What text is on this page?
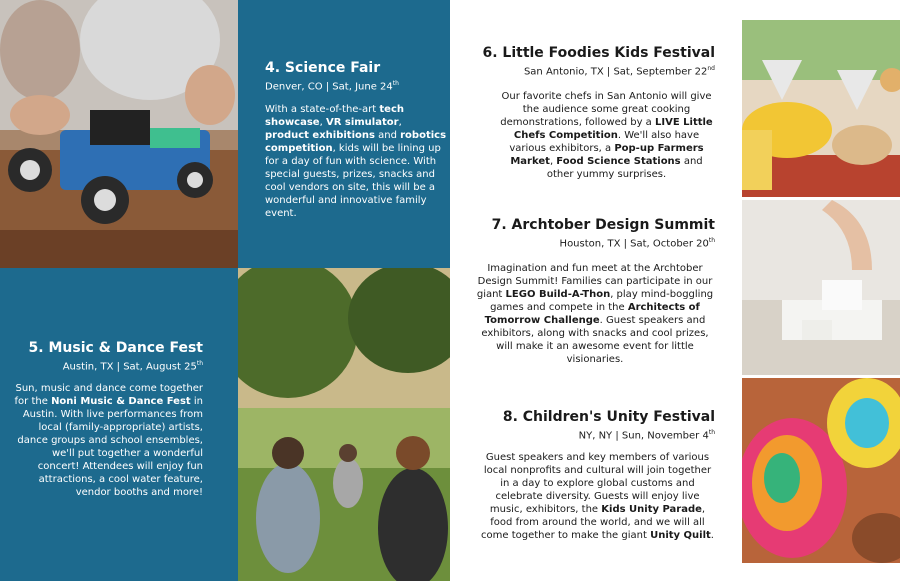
4. Science Fair
Denver, CO | Sat, June 24th
With a state-of-the-art tech showcase, VR simulator, product exhibitions and robotics competition, kids will be lining up for a day of fun with science. With special guests, prizes, snacks and cool vendors on site, this will be a wonderful and innovative family event.
5. Music & Dance Fest
Austin, TX | Sat, August 25th
Sun, music and dance come together for the Noni Music & Dance Fest in Austin. With live performances from local (family-appropriate) artists, dance groups and school ensembles, we'll put together a wonderful concert! Attendees will enjoy fun attractions, a cool water feature, vendor booths and more!
6. Little Foodies Kids Festival
San Antonio, TX | Sat, September 22nd
Our favorite chefs in San Antonio will give the audience some great cooking demonstrations, followed by a LIVE Little Chefs Competition. We'll also have various exhibitors, a Pop-up Farmers Market, Food Science Stations and other yummy surprises.
7. Archtober Design Summit
Houston, TX | Sat, October 20th
Imagination and fun meet at the Archtober Design Summit! Families can participate in our giant LEGO Build-A-Thon, play mind-boggling games and compete in the Architects of Tomorrow Challenge. Guest speakers and exhibitors, along with snacks and cool prizes, will make it an awesome event for little visionaries.
8. Children's Unity Festival
NY, NY | Sun, November 4th
Guest speakers and key members of various local nonprofits and cultural will join together in a day to explore global customs and celebrate diversity. Guests will enjoy live music, exhibitors, the Kids Unity Parade, food from around the world, and we will all come together to make the giant Unity Quilt.
